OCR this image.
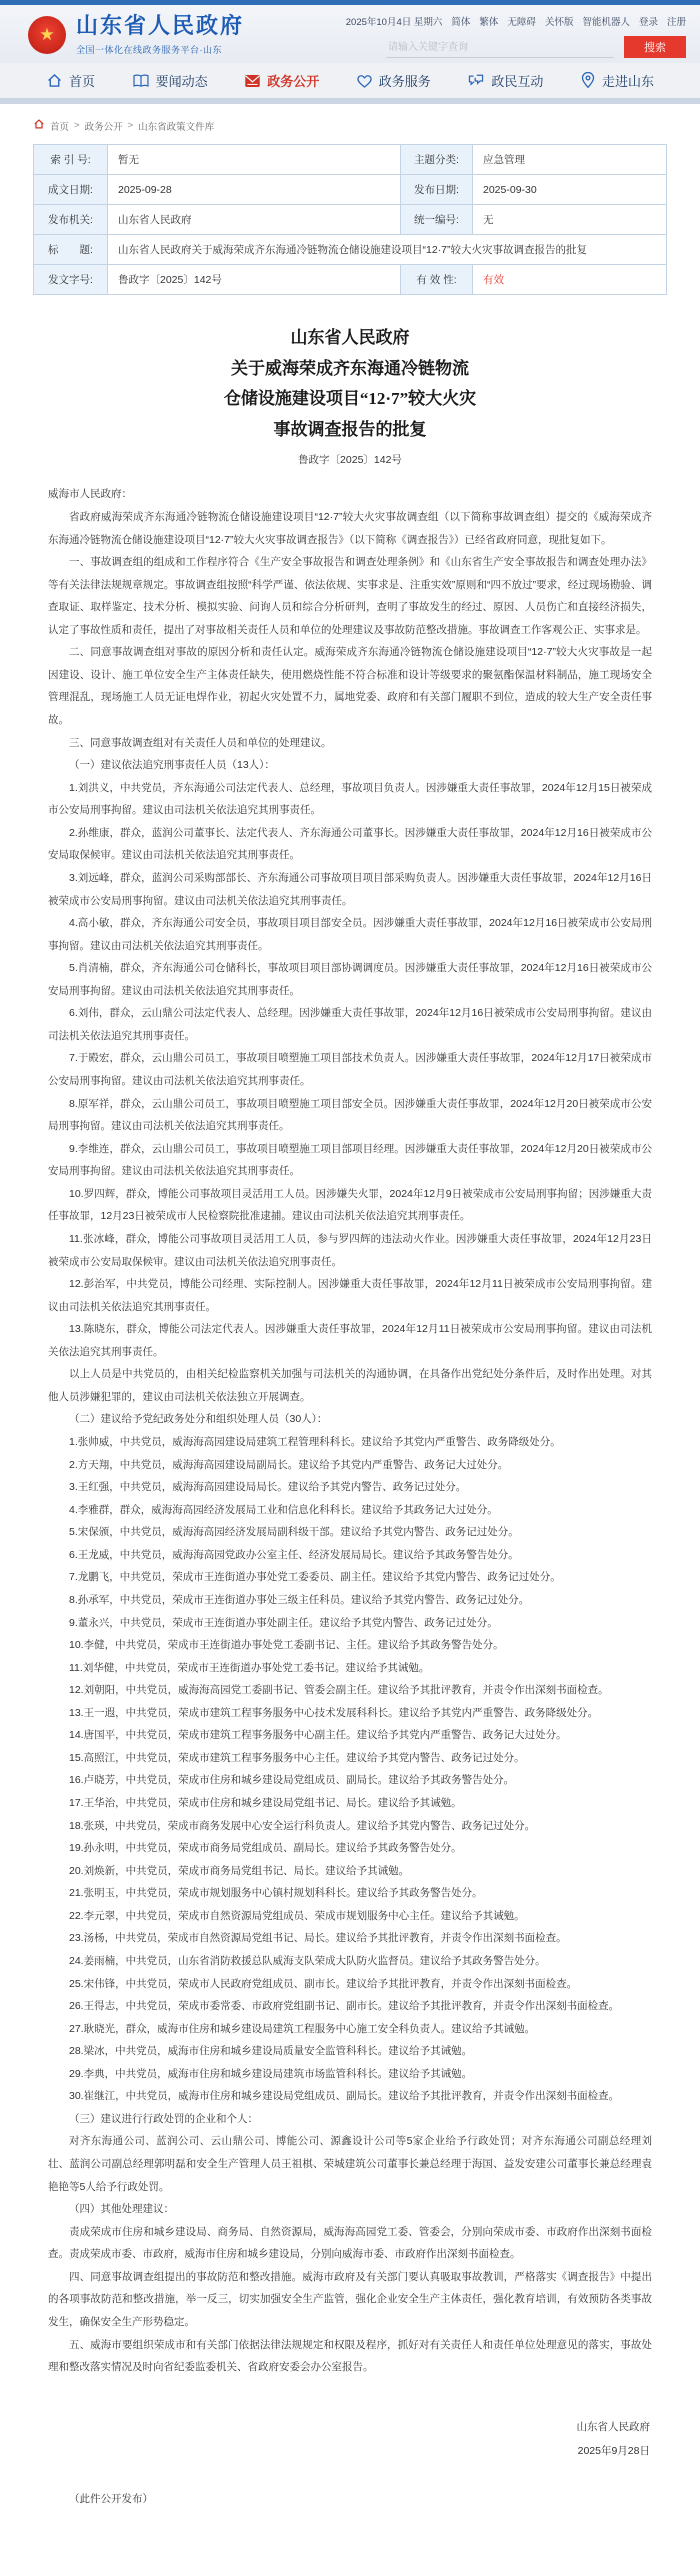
★ 山东省人民政府
全国一体化在线政务服务平台·山东
2025年10月4日 星期六 简体 繁体 无障碍 关怀版 智能机器人 登录 注册
请输入关键字查询
搜索
首页	要闻动态	政务公开	政务服务	政民互动	走进山东
首页 > 政务公开 > 山东省政策文件库
索 引 号:	暂无	主题分类:	应急管理
成文日期:	2025-09-28	发布日期:	2025-09-30
发布机关:	山东省人民政府	统一编号:	无
标　　题:	山东省人民政府关于威海荣成齐东海通冷链物流仓储设施建设项目“12·7”较大火灾事故调查报告的批复		
发文字号:	鲁政字〔2025〕142号	有 效 性:	有效
山东省人民政府
关于威海荣成齐东海通冷链物流
仓储设施建设项目“12·7”较大火灾
事故调查报告的批复
鲁政字〔2025〕142号

威海市人民政府：

省政府威海荣成齐东海通冷链物流仓储设施建设项目“12·7”较大火灾事故调查组（以下简称事故调查组）提交的《威海荣成齐东海通冷链物流仓储设施建设项目“12·7”较大火灾事故调查报告》（以下简称《调查报告》）已经省政府同意，现批复如下。

一、事故调查组的组成和工作程序符合《生产安全事故报告和调查处理条例》和《山东省生产安全事故报告和调查处理办法》等有关法律法规规章规定。事故调查组按照“科学严谨、依法依规、实事求是、注重实效”原则和“四不放过”要求，经过现场勘验、调查取证、取样鉴定、技术分析、模拟实验、问询人员和综合分析研判，查明了事故发生的经过、原因、人员伤亡和直接经济损失，认定了事故性质和责任，提出了对事故相关责任人员和单位的处理建议及事故防范整改措施。事故调查工作客观公正、实事求是。

二、同意事故调查组对事故的原因分析和责任认定。威海荣成齐东海通冷链物流仓储设施建设项目“12·7”较大火灾事故是一起因建设、设计、施工单位安全生产主体责任缺失，使用燃烧性能不符合标准和设计等级要求的聚氨酯保温材料制品，施工现场安全管理混乱，现场施工人员无证电焊作业，初起火灾处置不力，属地党委、政府和有关部门履职不到位，造成的较大生产安全责任事故。

三、同意事故调查组对有关责任人员和单位的处理建议。

（一）建议依法追究刑事责任人员（13人）：

1.刘洪义，中共党员，齐东海通公司法定代表人、总经理，事故项目负责人。因涉嫌重大责任事故罪，2024年12月15日被荣成市公安局刑事拘留。建议由司法机关依法追究其刑事责任。

2.孙维康，群众，蓝润公司董事长、法定代表人、齐东海通公司董事长。因涉嫌重大责任事故罪，2024年12月16日被荣成市公安局取保候审。建议由司法机关依法追究其刑事责任。

3.刘远峰，群众，蓝润公司采购部部长、齐东海通公司事故项目项目部采购负责人。因涉嫌重大责任事故罪，2024年12月16日被荣成市公安局刑事拘留。建议由司法机关依法追究其刑事责任。

4.高小敏，群众，齐东海通公司安全员，事故项目项目部安全员。因涉嫌重大责任事故罪，2024年12月16日被荣成市公安局刑事拘留。建议由司法机关依法追究其刑事责任。

5.肖清楠，群众，齐东海通公司仓储科长，事故项目项目部协调调度员。因涉嫌重大责任事故罪，2024年12月16日被荣成市公安局刑事拘留。建议由司法机关依法追究其刑事责任。

6.刘伟，群众，云山鼎公司法定代表人、总经理。因涉嫌重大责任事故罪，2024年12月16日被荣成市公安局刑事拘留。建议由司法机关依法追究其刑事责任。

7.于殿宏，群众，云山鼎公司员工，事故项目喷塑施工项目部技术负责人。因涉嫌重大责任事故罪，2024年12月17日被荣成市公安局刑事拘留。建议由司法机关依法追究其刑事责任。

8.原军祥，群众，云山鼎公司员工，事故项目喷塑施工项目部安全员。因涉嫌重大责任事故罪，2024年12月20日被荣成市公安局刑事拘留。建议由司法机关依法追究其刑事责任。

9.李维连，群众，云山鼎公司员工，事故项目喷塑施工项目部项目经理。因涉嫌重大责任事故罪，2024年12月20日被荣成市公安局刑事拘留。建议由司法机关依法追究其刑事责任。

10.罗四辉，群众，博能公司事故项目灵活用工人员。因涉嫌失火罪，2024年12月9日被荣成市公安局刑事拘留；因涉嫌重大责任事故罪，12月23日被荣成市人民检察院批准逮捕。建议由司法机关依法追究其刑事责任。

11.张冰峰，群众，博能公司事故项目灵活用工人员，参与罗四辉的违法动火作业。因涉嫌重大责任事故罪，2024年12月23日被荣成市公安局取保候审。建议由司法机关依法追究刑事责任。

12.彭治军，中共党员，博能公司经理、实际控制人。因涉嫌重大责任事故罪，2024年12月11日被荣成市公安局刑事拘留。建议由司法机关依法追究其刑事责任。

13.陈晓东，群众，博能公司法定代表人。因涉嫌重大责任事故罪，2024年12月11日被荣成市公安局刑事拘留。建议由司法机关依法追究其刑事责任。

以上人员是中共党员的，由相关纪检监察机关加强与司法机关的沟通协调，在具备作出党纪处分条件后，及时作出处理。对其他人员涉嫌犯罪的，建议由司法机关依法独立开展调查。

（二）建议给予党纪政务处分和组织处理人员（30人）：

1.张帅威，中共党员，威海海高园建设局建筑工程管理科科长。建议给予其党内严重警告、政务降级处分。

2.方天翔，中共党员，威海海高园建设局副局长。建议给予其党内严重警告、政务记大过处分。

3.王红强，中共党员，威海海高园建设局局长。建议给予其党内警告、政务记过处分。

4.李雅群，群众，威海海高园经济发展局工业和信息化科科长。建议给予其政务记大过处分。

5.宋保颁，中共党员，威海海高园经济发展局副科级干部。建议给予其党内警告、政务记过处分。

6.王龙威，中共党员，威海海高园党政办公室主任、经济发展局局长。建议给予其政务警告处分。

7.龙鹏飞，中共党员，荣成市王连街道办事处党工委委员、副主任。建议给予其党内警告、政务记过处分。

8.孙承军，中共党员，荣成市王连街道办事处三级主任科员。建议给予其党内警告、政务记过处分。

9.董永兴，中共党员，荣成市王连街道办事处副主任。建议给予其党内警告、政务记过处分。

10.李健，中共党员，荣成市王连街道办事处党工委副书记、主任。建议给予其政务警告处分。

11.刘华健，中共党员，荣成市王连街道办事处党工委书记。建议给予其诫勉。

12.刘朝阳，中共党员，威海海高园党工委副书记、管委会副主任。建议给予其批评教育，并责令作出深刻书面检查。

13.王一遐，中共党员，荣成市建筑工程事务服务中心技术发展科科长。建议给予其党内严重警告、政务降级处分。

14.唐国平，中共党员，荣成市建筑工程事务服务中心副主任。建议给予其党内严重警告、政务记大过处分。

15.高照江，中共党员，荣成市建筑工程事务服务中心主任。建议给予其党内警告、政务记过处分。

16.卢晓芳，中共党员，荣成市住房和城乡建设局党组成员、副局长。建议给予其政务警告处分。

17.王华治，中共党员，荣成市住房和城乡建设局党组书记、局长。建议给予其诫勉。

18.张瑛，中共党员，荣成市商务发展中心安全运行科负责人。建议给予其党内警告、政务记过处分。

19.孙永明，中共党员，荣成市商务局党组成员、副局长。建议给予其政务警告处分。

20.刘焕新，中共党员，荣成市商务局党组书记、局长。建议给予其诫勉。

21.张明玉，中共党员，荣成市规划服务中心镇村规划科科长。建议给予其政务警告处分。

22.李元翠，中共党员，荣成市自然资源局党组成员、荣成市规划服务中心主任。建议给予其诫勉。

23.汤杨，中共党员，荣成市自然资源局党组书记、局长。建议给予其批评教育，并责令作出深刻书面检查。

24.姜雨楠，中共党员，山东省消防救援总队威海支队荣成大队防火监督员。建议给予其政务警告处分。

25.宋伟锋，中共党员，荣成市人民政府党组成员、副市长。建议给予其批评教育，并责令作出深刻书面检查。

26.王得志，中共党员，荣成市委常委、市政府党组副书记、副市长。建议给予其批评教育，并责令作出深刻书面检查。

27.耿晓光，群众，威海市住房和城乡建设局建筑工程服务中心施工安全科负责人。建议给予其诫勉。

28.梁冰，中共党员，威海市住房和城乡建设局质量安全监管科科长。建议给予其诫勉。

29.李典，中共党员，威海市住房和城乡建设局建筑市场监管科科长。建议给予其诫勉。

30.崔继江，中共党员，威海市住房和城乡建设局党组成员、副局长。建议给予其批评教育，并责令作出深刻书面检查。

（三）建议进行行政处罚的企业和个人：

对齐东海通公司、蓝润公司、云山鼎公司、博能公司、源鑫设计公司等5家企业给予行政处罚；对齐东海通公司副总经理刘壮、蓝润公司副总经理郭明磊和安全生产管理人员王祖棋、荣城建筑公司董事长兼总经理于海国、益发安建公司董事长兼总经理袁艳艳等5人给予行政处罚。

（四）其他处理建议：

责成荣成市住房和城乡建设局、商务局、自然资源局，威海海高园党工委、管委会，分别向荣成市委、市政府作出深刻书面检查。责成荣成市委、市政府，威海市住房和城乡建设局，分别向威海市委、市政府作出深刻书面检查。

四、同意事故调查组提出的事故防范和整改措施。威海市政府及有关部门要认真吸取事故教训，严格落实《调查报告》中提出的各项事故防范和整改措施，举一反三，切实加强安全生产监管，强化企业安全生产主体责任，强化教育培训，有效预防各类事故发生，确保安全生产形势稳定。

五、威海市要组织荣成市和有关部门依据法律法规规定和权限及程序，抓好对有关责任人和责任单位处理意见的落实，事故处理和整改落实情况及时向省纪委监委机关、省政府安委会办公室报告。

山东省人民政府
2025年9月28日
（此件公开发布）
